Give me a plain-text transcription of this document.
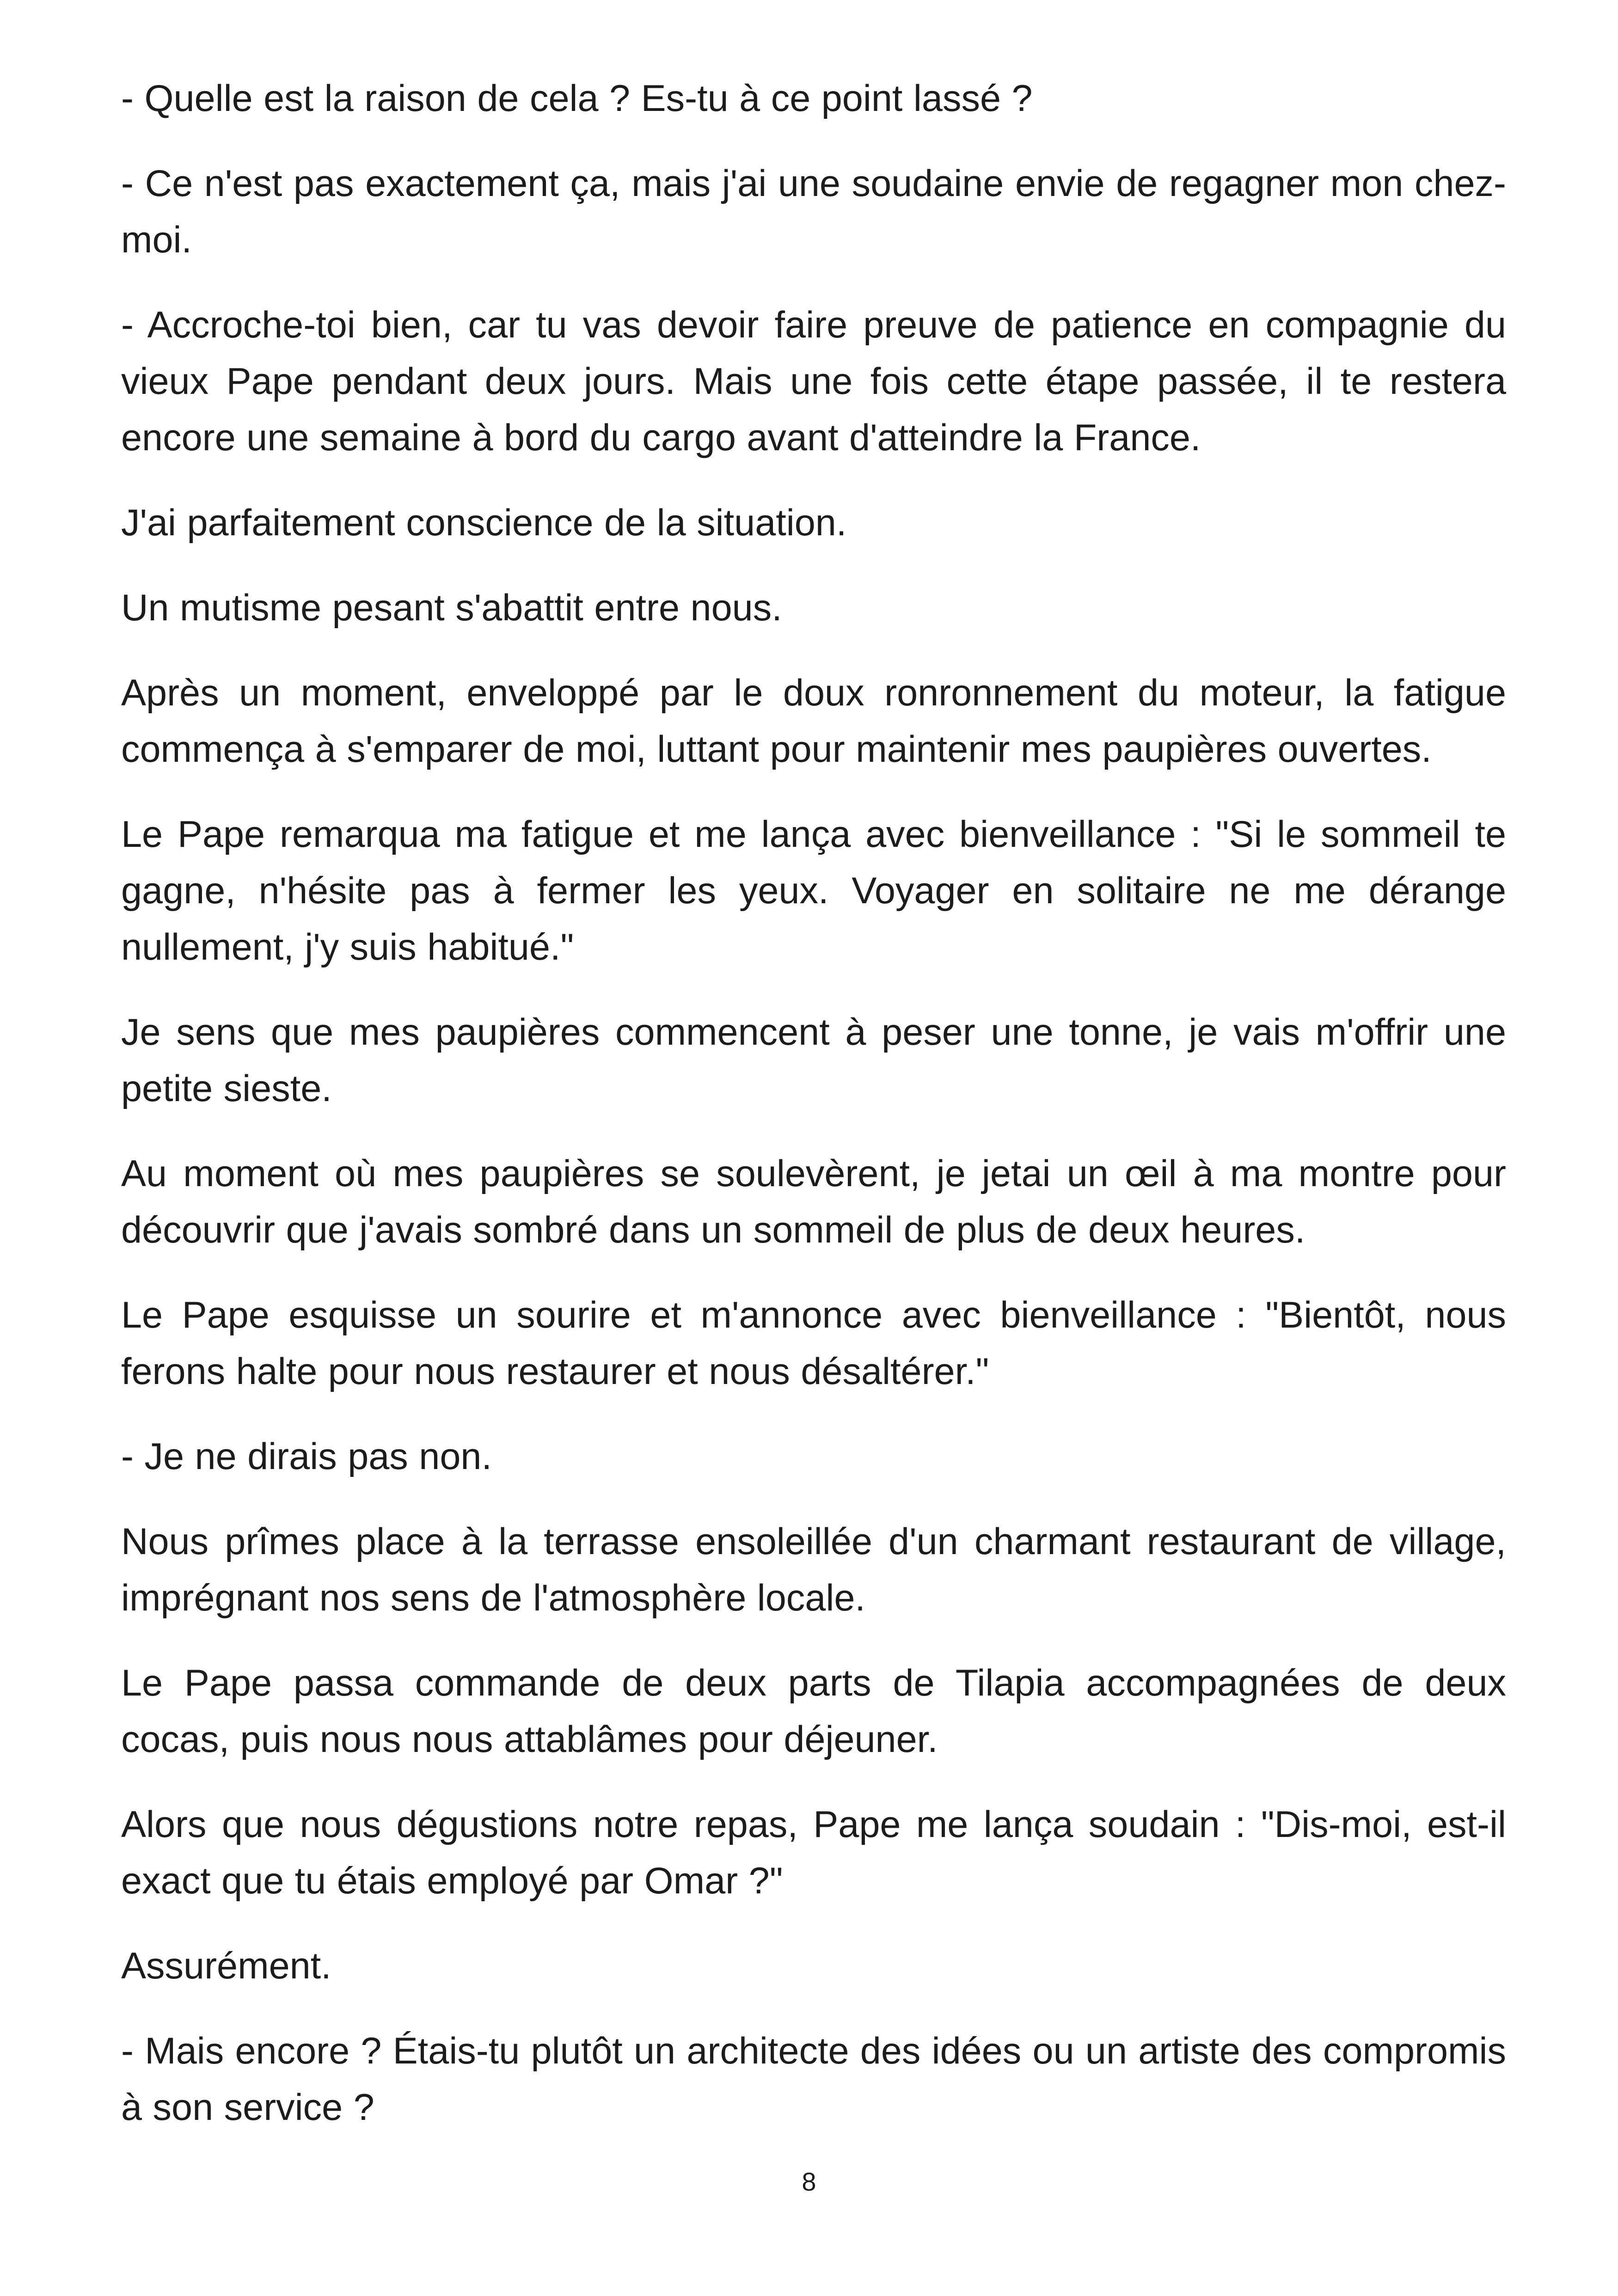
- Quelle est la raison de cela ? Es-tu à ce point lassé ?

- Ce n'est pas exactement ça, mais j'ai une soudaine envie de regagner mon chez-moi.

- Accroche-toi bien, car tu vas devoir faire preuve de patience en compagnie du vieux Pape pendant deux jours. Mais une fois cette étape passée, il te restera encore une semaine à bord du cargo avant d'atteindre la France.

J'ai parfaitement conscience de la situation.

Un mutisme pesant s'abattit entre nous.

Après un moment, enveloppé par le doux ronronnement du moteur, la fatigue commença à s'emparer de moi, luttant pour maintenir mes paupières ouvertes.

Le Pape remarqua ma fatigue et me lança avec bienveillance : "Si le sommeil te gagne, n'hésite pas à fermer les yeux. Voyager en solitaire ne me dérange nullement, j'y suis habitué."

Je sens que mes paupières commencent à peser une tonne, je vais m'offrir une petite sieste.

Au moment où mes paupières se soulevèrent, je jetai un œil à ma montre pour découvrir que j'avais sombré dans un sommeil de plus de deux heures.

Le Pape esquisse un sourire et m'annonce avec bienveillance : "Bientôt, nous ferons halte pour nous restaurer et nous désaltérer."

- Je ne dirais pas non.

Nous prîmes place à la terrasse ensoleillée d'un charmant restaurant de village, imprégnant nos sens de l'atmosphère locale.

Le Pape passa commande de deux parts de Tilapia accompagnées de deux cocas, puis nous nous attablâmes pour déjeuner.

Alors que nous dégustions notre repas, Pape me lança soudain : "Dis-moi, est-il exact que tu étais employé par Omar ?"

Assurément.

- Mais encore ? Étais-tu plutôt un architecte des idées ou un artiste des compromis à son service ?

8
